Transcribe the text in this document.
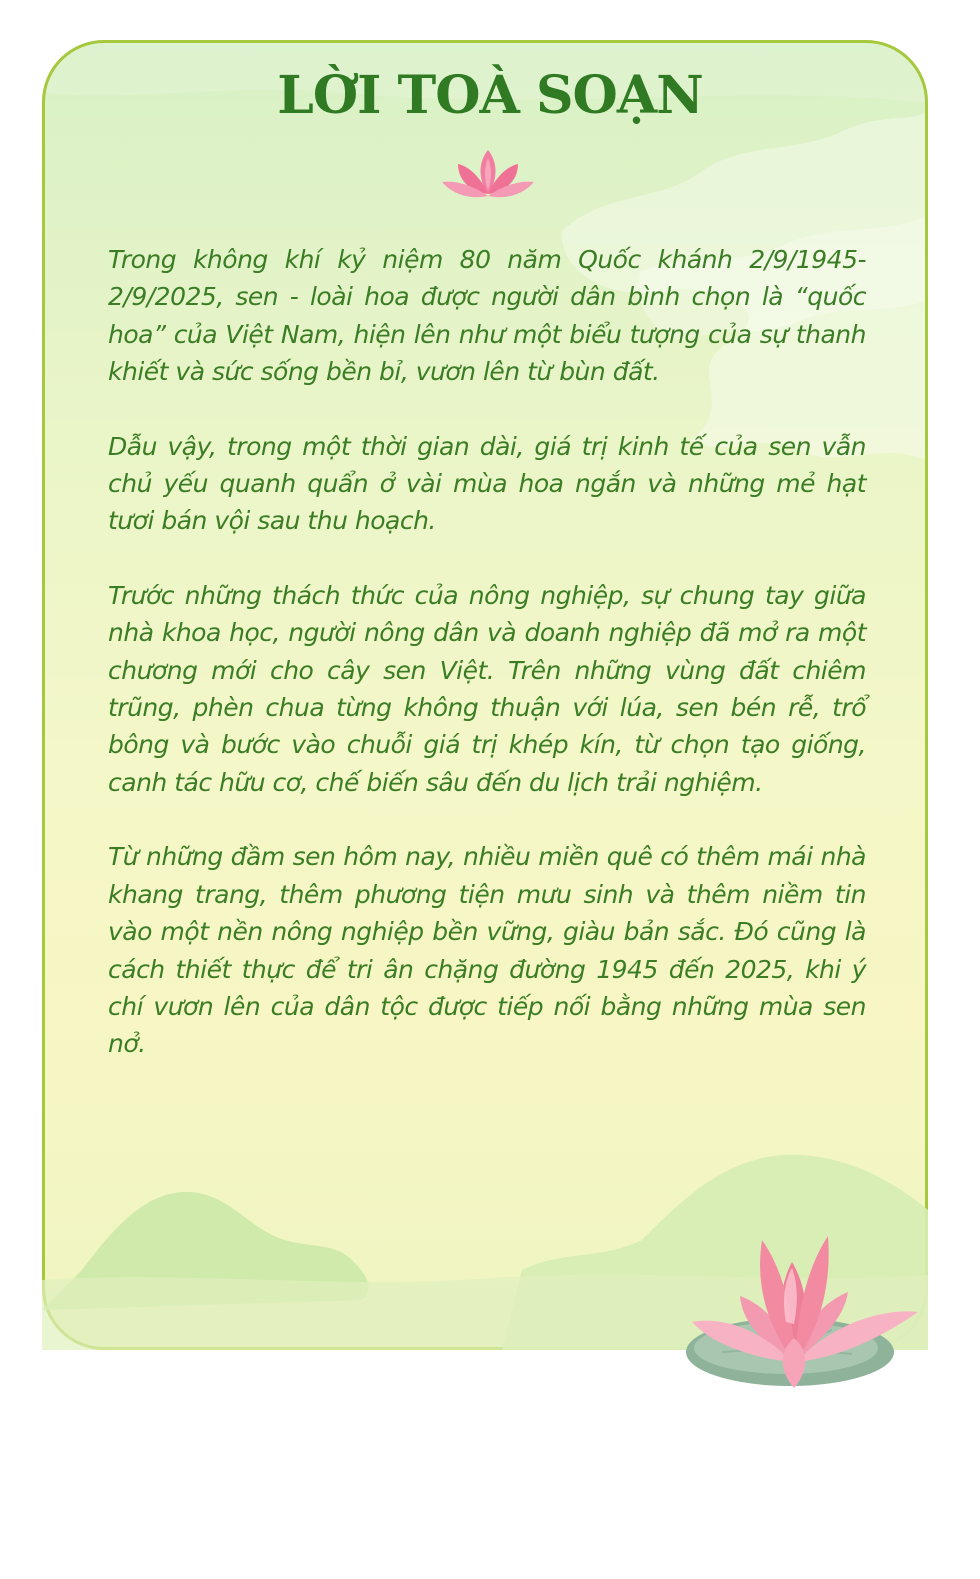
LỜI TOÀ SOẠN

Trong không khí kỷ niệm 80 năm Quốc khánh 2/9/1945-2/9/2025, sen - loài hoa được người dân bình chọn là “quốc hoa” của Việt Nam, hiện lên như một biểu tượng của sự thanh khiết và sức sống bền bỉ, vươn lên từ bùn đất.

Dẫu vậy, trong một thời gian dài, giá trị kinh tế của sen vẫn chủ yếu quanh quẩn ở vài mùa hoa ngắn và những mẻ hạt tươi bán vội sau thu hoạch.

Trước những thách thức của nông nghiệp, sự chung tay giữa nhà khoa học, người nông dân và doanh nghiệp đã mở ra một chương mới cho cây sen Việt. Trên những vùng đất chiêm trũng, phèn chua từng không thuận với lúa, sen bén rễ, trổ bông và bước vào chuỗi giá trị khép kín, từ chọn tạo giống, canh tác hữu cơ, chế biến sâu đến du lịch trải nghiệm.

Từ những đầm sen hôm nay, nhiều miền quê có thêm mái nhà khang trang, thêm phương tiện mưu sinh và thêm niềm tin vào một nền nông nghiệp bền vững, giàu bản sắc. Đó cũng là cách thiết thực để tri ân chặng đường 1945 đến 2025, khi ý chí vươn lên của dân tộc được tiếp nối bằng những mùa sen nở.
